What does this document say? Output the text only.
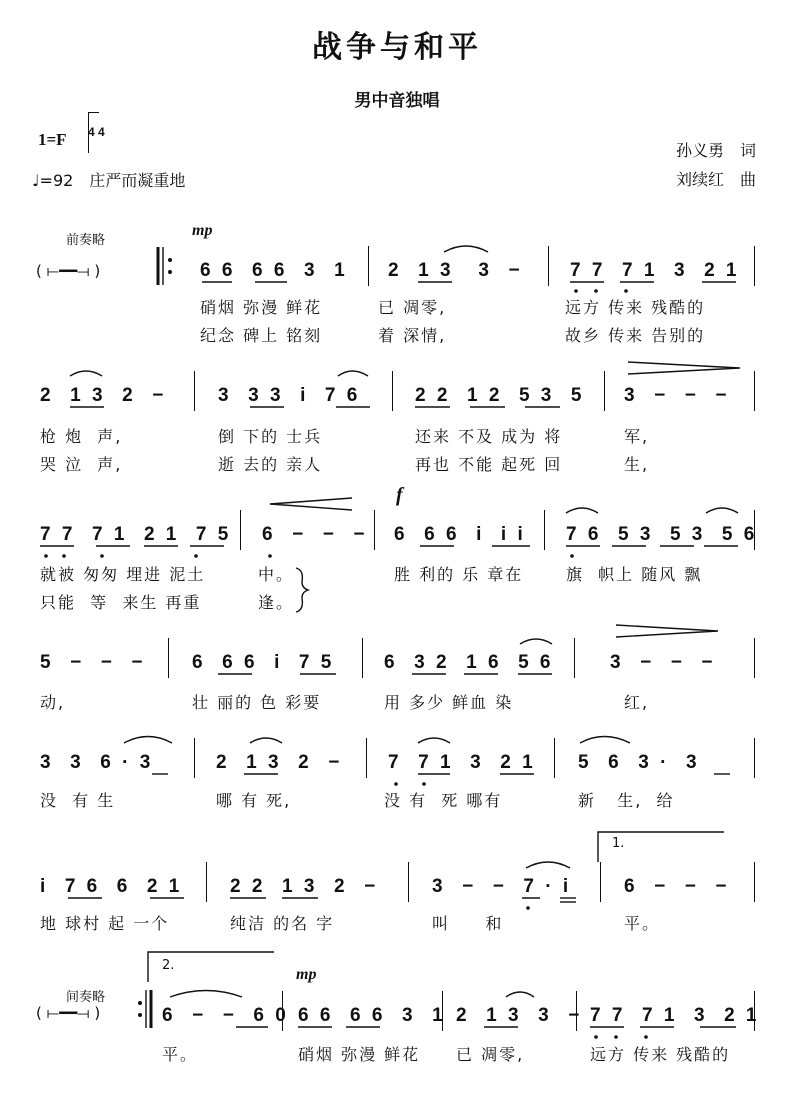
战争与和平
男中音独唱
1=F 4 4
♩=92　庄严而凝重地
孙义勇　词
刘续红　曲
前奏略
( ⟝━━⟞ )
mp
f
间奏略
( ⟝━━⟞ )
mp
1.
2.
6 6  6 6  3  1 2  1 3   3  − 7 7  7 1  3  2 1
硝烟 弥漫 鲜花	已 凋零,	远方 传来 残酷的
纪念 碑上 铭刻	着 深情,	故乡 传来 告别的
2  1 3  2  −	3  3 3  i  7 6	2 2  1 2  5 3  5 3  −  −  −
枪 炮  声,	倒 下的 士兵	还来 不及 成为 将	军,
哭 泣  声,	逝 去的 亲人	再也 不能 起死 回	生,
7 7  7 1  2 1  7 5 6  −  −  − 6  6 6  i  i i 7 6  5 3  5 3  5 6
就被 匆匆 埋进 泥土	中。	胜 利的 乐 章在	旗  帜上 随风 飘
只能  等  来生 再重	逢。
5  −  −  − 6  6 6  i  7 5	6  3 2  1 6  5 6	3  −  −  −
动,	壮 丽的 色 彩要	用 多少 鲜血 染	红,
3  3  6 · 3	2  1 3  2  − 7  7 1  3  2 1 5  6  3 ·  3
没  有 生	哪 有 死,	没 有  死 哪有	新   生,  给
i  7 6  6  2 1	2 2  1 3  2  −	3  −  −  7 · i	6  −  −  −
地 球村 起 一个	纯洁 的名 字	叫     和	平。
6  −  −  6 0 6 6  6 6  3  1 2  1 3  3  − 7 7  7 1  3  2 1
平。	硝烟 弥漫 鲜花 已 凋零,	远方 传来 残酷的
